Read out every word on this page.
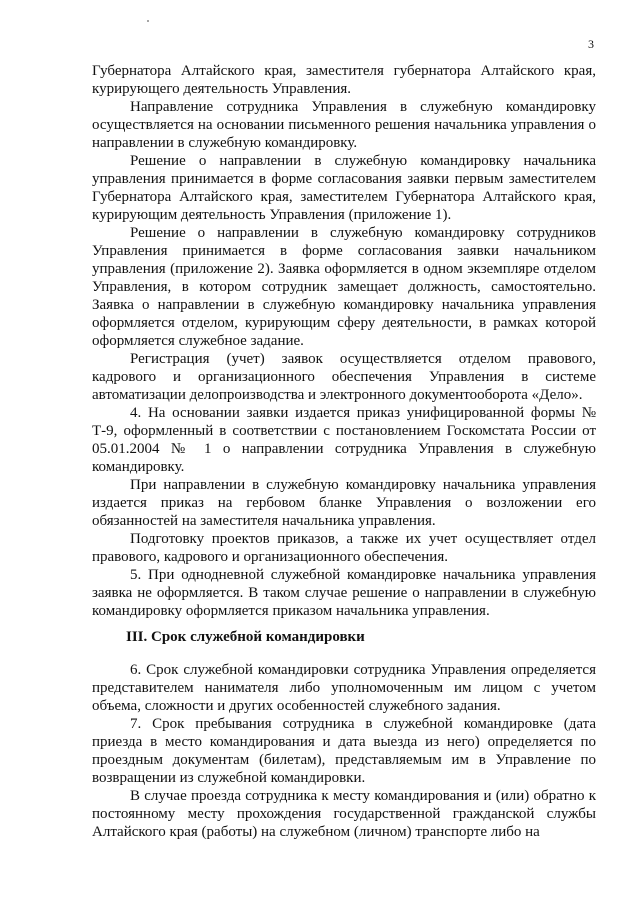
3

Губернатора Алтайского края, заместителя губернатора Алтайского края, курирующего деятельность Управления.

Направление сотрудника Управления в служебную командировку осуществляется на основании письменного решения начальника управления о направлении в служебную командировку.

Решение о направлении в служебную командировку начальника управления принимается в форме согласования заявки первым заместителем Губернатора Алтайского края, заместителем Губернатора Алтайского края, курирующим деятельность Управления (приложение 1).

Решение о направлении в служебную командировку сотрудников Управления принимается в форме согласования заявки начальником управления (приложение 2). Заявка оформляется в одном экземпляре отделом Управления, в котором сотрудник замещает должность, самостоятельно. Заявка о направлении в служебную командировку начальника управления оформляется отделом, курирующим сферу деятельности, в рамках которой оформляется служебное задание.

Регистрация (учет) заявок осуществляется отделом правового, кадрового и организационного обеспечения Управления в системе автоматизации делопроизводства и электронного документооборота «Дело».

4. На основании заявки издается приказ унифицированной формы № Т-9, оформленный в соответствии с постановлением Госкомстата России от 05.01.2004 № 1 о направлении сотрудника Управления в служебную командировку.

При направлении в служебную командировку начальника управления издается приказ на гербовом бланке Управления о возложении его обязанностей на заместителя начальника управления.

Подготовку проектов приказов, а также их учет осуществляет отдел правового, кадрового и организационного обеспечения.

5. При однодневной служебной командировке начальника управления заявка не оформляется. В таком случае решение о направлении в служебную командировку оформляется приказом начальника управления.

III. Срок служебной командировки

6. Срок служебной командировки сотрудника Управления определяется представителем нанимателя либо уполномоченным им лицом с учетом объема, сложности и других особенностей служебного задания.

7. Срок пребывания сотрудника в служебной командировке (дата приезда в место командирования и дата выезда из него) определяется по проездным документам (билетам), представляемым им в Управление по возвращении из служебной командировки.

В случае проезда сотрудника к месту командирования и (или) обратно к постоянному месту прохождения государственной гражданской службы Алтайского края (работы) на служебном (личном) транспорте либо на
